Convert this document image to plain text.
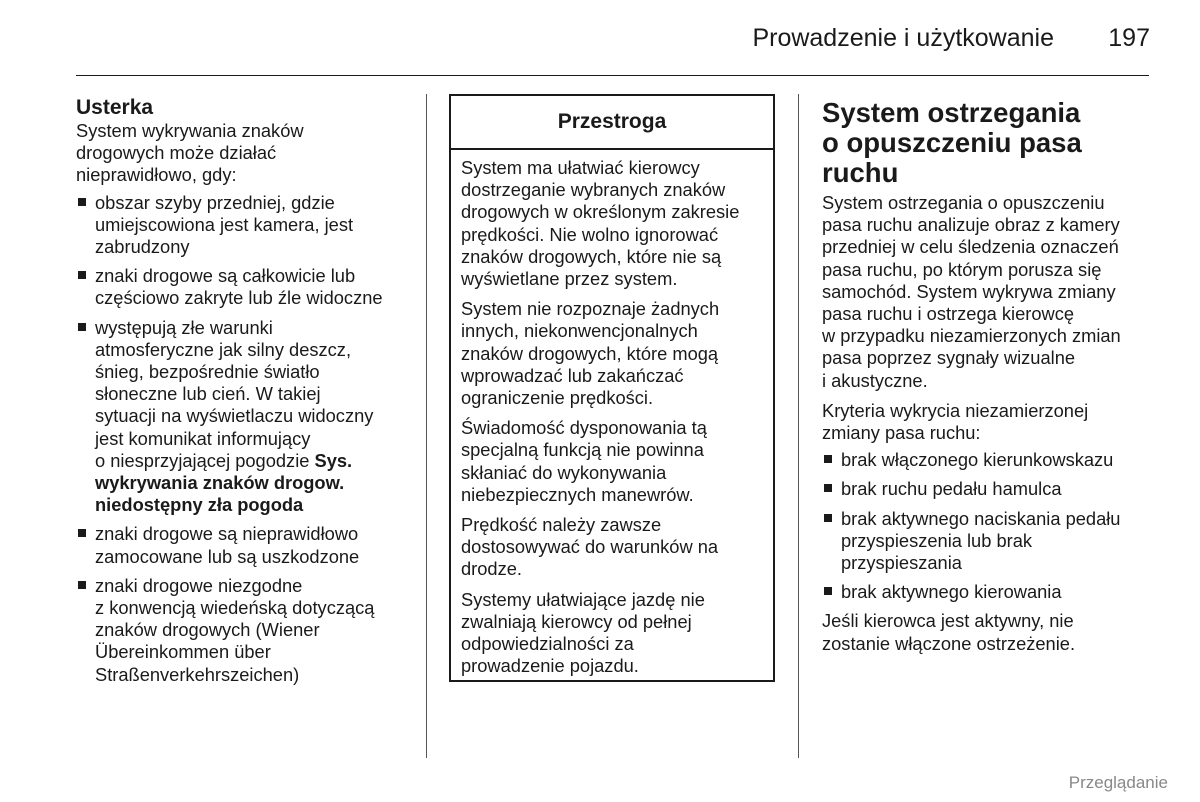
Prowadzenie i użytkowanie 197
Usterka

System wykrywania znaków
drogowych może działać
nieprawidłowo, gdy:

obszar szyby przedniej, gdzie
umiejscowiona jest kamera, jest
zabrudzony
znaki drogowe są całkowicie lub
częściowo zakryte lub źle widoczne
występują złe warunki
atmosferyczne jak silny deszcz,
śnieg, bezpośrednie światło
słoneczne lub cień. W takiej
sytuacji na wyświetlaczu widoczny
jest komunikat informujący
o niesprzyjającej pogodzie Sys.
wykrywania znaków drogow.
niedostępny zła pogoda
znaki drogowe są nieprawidłowo
zamocowane lub są uszkodzone
znaki drogowe niezgodne
z konwencją wiedeńską dotyczącą
znaków drogowych (Wiener
Übereinkommen über
Straßenverkehrszeichen)
Przestroga

System ma ułatwiać kierowcy
dostrzeganie wybranych znaków
drogowych w określonym zakresie
prędkości. Nie wolno ignorować
znaków drogowych, które nie są
wyświetlane przez system.

System nie rozpoznaje żadnych
innych, niekonwencjonalnych
znaków drogowych, które mogą
wprowadzać lub zakańczać
ograniczenie prędkości.

Świadomość dysponowania tą
specjalną funkcją nie powinna
skłaniać do wykonywania
niebezpiecznych manewrów.

Prędkość należy zawsze
dostosowywać do warunków na
drodze.

Systemy ułatwiające jazdę nie
zwalniają kierowcy od pełnej
odpowiedzialności za
prowadzenie pojazdu.

System ostrzegania
o opuszczeniu pasa ruchu

System ostrzegania o opuszczeniu
pasa ruchu analizuje obraz z kamery
przedniej w celu śledzenia oznaczeń
pasa ruchu, po którym porusza się
samochód. System wykrywa zmiany
pasa ruchu i ostrzega kierowcę
w przypadku niezamierzonych zmian
pasa poprzez sygnały wizualne
i akustyczne.

Kryteria wykrycia niezamierzonej
zmiany pasa ruchu:

brak włączonego kierunkowskazu
brak ruchu pedału hamulca
brak aktywnego naciskania pedału
przyspieszenia lub brak
przyspieszania
brak aktywnego kierowania

Jeśli kierowca jest aktywny, nie
zostanie włączone ostrzeżenie.

Przeglądanie
